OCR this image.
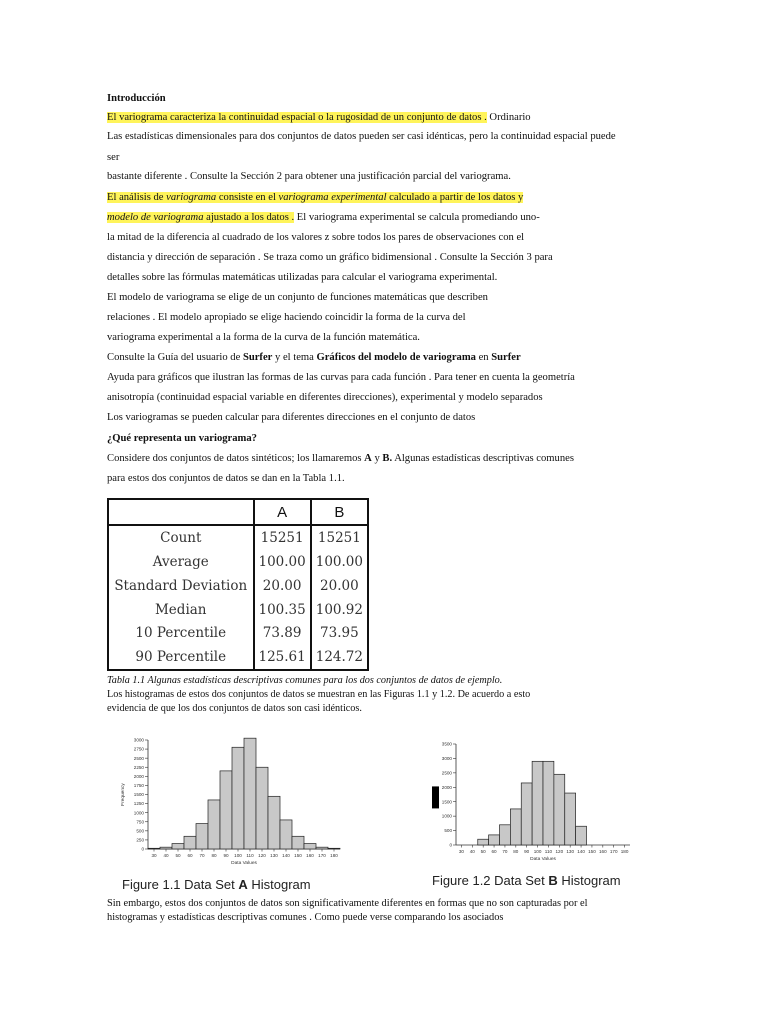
Introducción
El variograma caracteriza la continuidad espacial o la rugosidad de un conjunto de datos . Ordinario
Las estadísticas dimensionales para dos conjuntos de datos pueden ser casi idénticas, pero la continuidad espacial puede
ser
bastante diferente . Consulte la Sección 2 para obtener una justificación parcial del variograma.
El análisis de variograma consiste en el variograma experimental calculado a partir de los datos y
modelo de variograma ajustado a los datos . El variograma experimental se calcula promediando uno-
la mitad de la diferencia al cuadrado de los valores z sobre todos los pares de observaciones con el
distancia y dirección de separación . Se traza como un gráfico bidimensional . Consulte la Sección 3 para
detalles sobre las fórmulas matemáticas utilizadas para calcular el variograma experimental.
El modelo de variograma se elige de un conjunto de funciones matemáticas que describen
relaciones . El modelo apropiado se elige haciendo coincidir la forma de la curva del
variograma experimental a la forma de la curva de la función matemática.
Consulte la Guía del usuario de Surfer y el tema Gráficos del modelo de variograma en Surfer
Ayuda para gráficos que ilustran las formas de las curvas para cada función . Para tener en cuenta la geometría
anisotropía (continuidad espacial variable en diferentes direcciones), experimental y modelo separados
Los variogramas se pueden calcular para diferentes direcciones en el conjunto de datos
¿Qué representa un variograma?
Considere dos conjuntos de datos sintéticos; los llamaremos A y B. Algunas estadísticas descriptivas comunes
para estos dos conjuntos de datos se dan en la Tabla 1.1.
	A	B
Count	15251	15251
Average	100.00	100.00
Standard Deviation	20.00	20.00
Median	100.35	100.92
10 Percentile	73.89	73.95
90 Percentile	125.61	124.72
Tabla 1.1 Algunas estadísticas descriptivas comunes para los dos conjuntos de datos de ejemplo.
Los histogramas de estos dos conjuntos de datos se muestran en las Figuras 1.1 y 1.2. De acuerdo a esto
evidencia de que los dos conjuntos de datos son casi idénticos.
0
250
500
750
1000
1250
1500
1750
2000
2250
2500
2750
3000
30 40 50 60 70 80 90 100 110 120 130 140 150 160 170 180
Data Values
Frequency
Figure 1.1 Data Set A Histogram
0
500
1000
1500
2000
2500
3000
3500
30 40 50 60 70 80 90 100 110 120 130 140 150 160 170 180
Data Values
Figure 1.2 Data Set B Histogram
Sin embargo, estos dos conjuntos de datos son significativamente diferentes en formas que no son capturadas por el
histogramas y estadísticas descriptivas comunes . Como puede verse comparando los asociados
